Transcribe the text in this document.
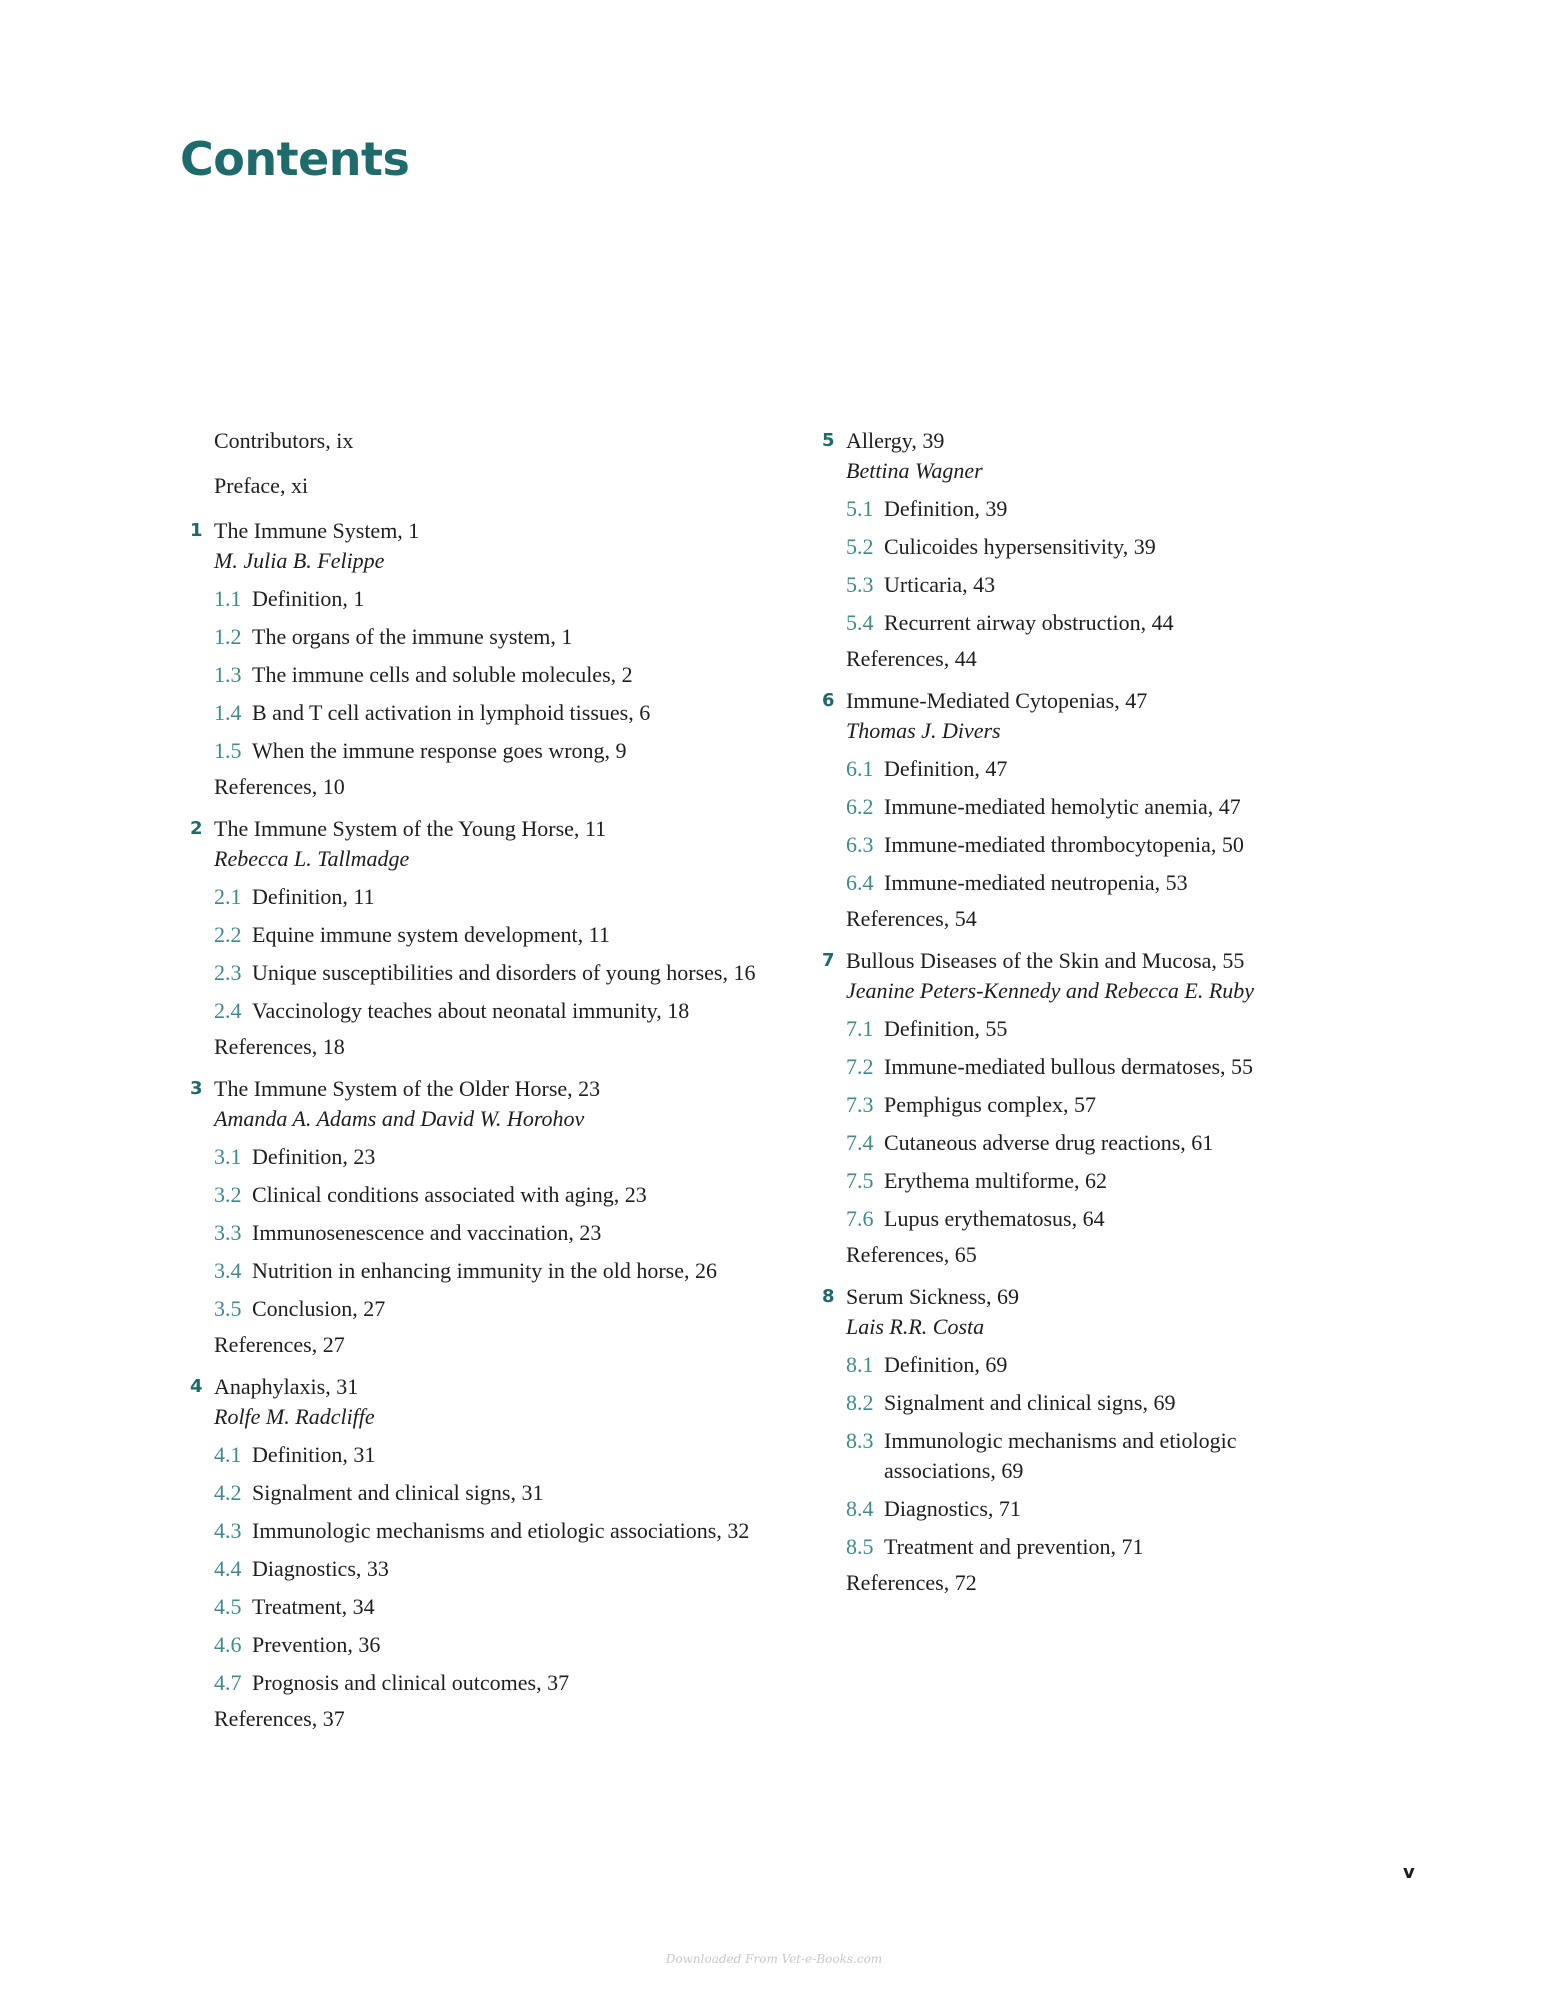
Contents
Contributors, ix
Preface, xi
1 The Immune System, 1
M. Julia B. Felippe
1.1 Definition, 1
1.2 The organs of the immune system, 1
1.3 The immune cells and soluble molecules, 2
1.4 B and T cell activation in lymphoid tissues, 6
1.5 When the immune response goes wrong, 9
References, 10
2 The Immune System of the Young Horse, 11
Rebecca L. Tallmadge
2.1 Definition, 11
2.2 Equine immune system development, 11
2.3 Unique susceptibilities and disorders of young horses, 16
2.4 Vaccinology teaches about neonatal immunity, 18
References, 18
3 The Immune System of the Older Horse, 23
Amanda A. Adams and David W. Horohov
3.1 Definition, 23
3.2 Clinical conditions associated with aging, 23
3.3 Immunosenescence and vaccination, 23
3.4 Nutrition in enhancing immunity in the old horse, 26
3.5 Conclusion, 27
References, 27
4 Anaphylaxis, 31
Rolfe M. Radcliffe
4.1 Definition, 31
4.2 Signalment and clinical signs, 31
4.3 Immunologic mechanisms and etiologic associations, 32
4.4 Diagnostics, 33
4.5 Treatment, 34
4.6 Prevention, 36
4.7 Prognosis and clinical outcomes, 37
References, 37
5 Allergy, 39
Bettina Wagner
5.1 Definition, 39
5.2 Culicoides hypersensitivity, 39
5.3 Urticaria, 43
5.4 Recurrent airway obstruction, 44
References, 44
6 Immune-Mediated Cytopenias, 47
Thomas J. Divers
6.1 Definition, 47
6.2 Immune-mediated hemolytic anemia, 47
6.3 Immune-mediated thrombocytopenia, 50
6.4 Immune-mediated neutropenia, 53
References, 54
7 Bullous Diseases of the Skin and Mucosa, 55
Jeanine Peters-Kennedy and Rebecca E. Ruby
7.1 Definition, 55
7.2 Immune-mediated bullous dermatoses, 55
7.3 Pemphigus complex, 57
7.4 Cutaneous adverse drug reactions, 61
7.5 Erythema multiforme, 62
7.6 Lupus erythematosus, 64
References, 65
8 Serum Sickness, 69
Lais R.R. Costa
8.1 Definition, 69
8.2 Signalment and clinical signs, 69
8.3 Immunologic mechanisms and etiologic associations, 69
8.4 Diagnostics, 71
8.5 Treatment and prevention, 71
References, 72
v
Downloaded From Vet-e-Books.com
